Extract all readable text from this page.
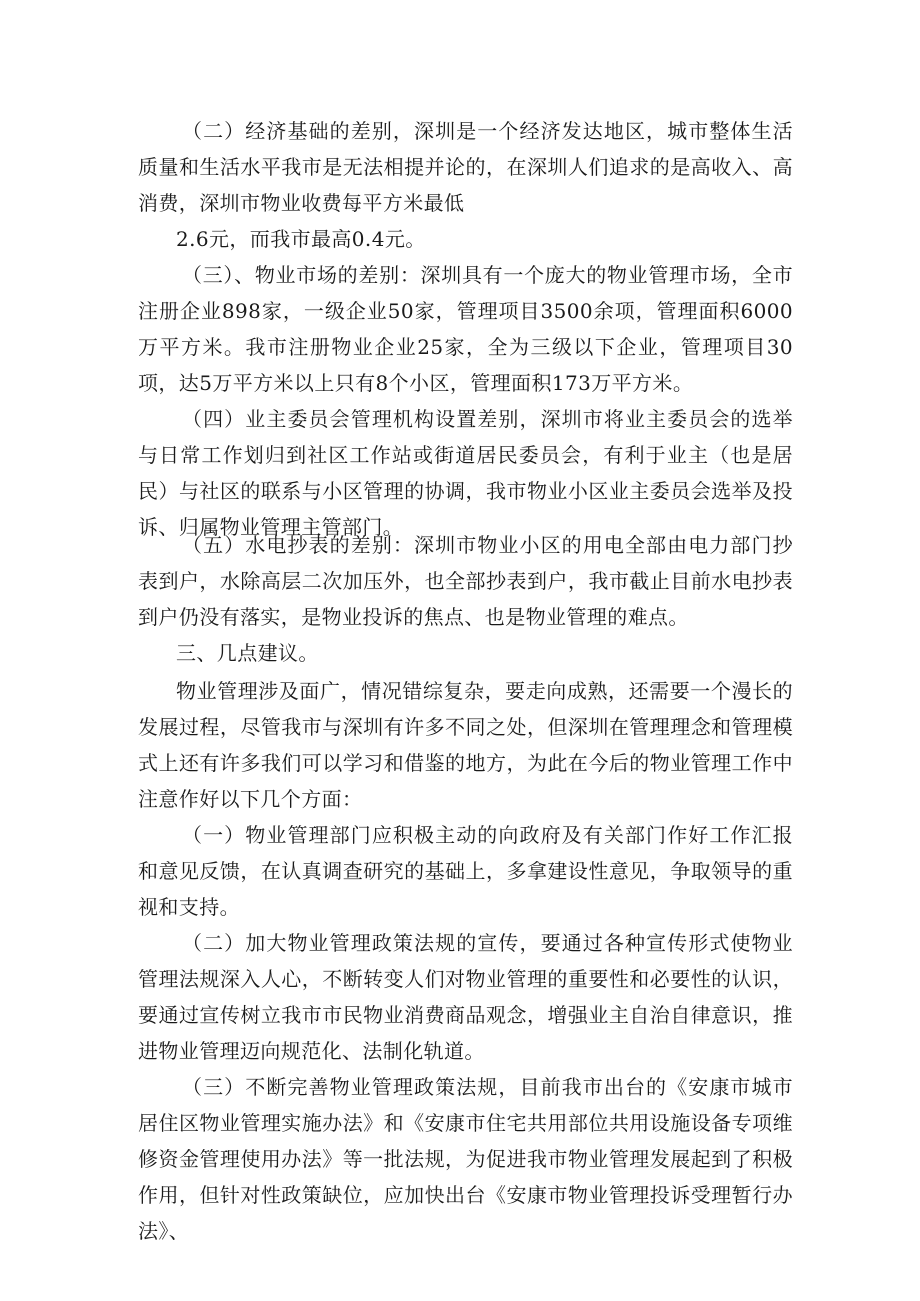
（二）经济基础的差别，深圳是一个经济发达地区，城市整体生活质量和生活水平我市是无法相提并论的，在深圳人们追求的是高收入、高消费，深圳市物业收费每平方米最低

2.6元，而我市最高0.4元。

（三）、物业市场的差别：深圳具有一个庞大的物业管理市场，全市注册企业898家，一级企业50家，管理项目3500余项，管理面积6000万平方米。我市注册物业企业25家，全为三级以下企业，管理项目30项，达5万平方米以上只有8个小区，管理面积173万平方米。

（四）业主委员会管理机构设置差别，深圳市将业主委员会的选举与日常工作划归到社区工作站或街道居民委员会，有利于业主（也是居民）与社区的联系与小区管理的协调，我市物业小区业主委员会选举及投诉、归属物业管理主管部门。

（五）水电抄表的差别：深圳市物业小区的用电全部由电力部门抄表到户，水除高层二次加压外，也全部抄表到户，我市截止目前水电抄表到户仍没有落实，是物业投诉的焦点、也是物业管理的难点。

三、几点建议。

物业管理涉及面广，情况错综复杂，要走向成熟，还需要一个漫长的发展过程，尽管我市与深圳有许多不同之处，但深圳在管理理念和管理模式上还有许多我们可以学习和借鉴的地方，为此在今后的物业管理工作中注意作好以下几个方面：

（一）物业管理部门应积极主动的向政府及有关部门作好工作汇报和意见反馈，在认真调查研究的基础上，多拿建设性意见，争取领导的重视和支持。

（二）加大物业管理政策法规的宣传，要通过各种宣传形式使物业管理法规深入人心，不断转变人们对物业管理的重要性和必要性的认识，要通过宣传树立我市市民物业消费商品观念，增强业主自治自律意识，推进物业管理迈向规范化、法制化轨道。

（三）不断完善物业管理政策法规，目前我市出台的《安康市城市居住区物业管理实施办法》和《安康市住宅共用部位共用设施设备专项维修资金管理使用办法》等一批法规，为促进我市物业管理发展起到了积极作用，但针对性政策缺位，应加快出台《安康市物业管理投诉受理暂行办法》、
